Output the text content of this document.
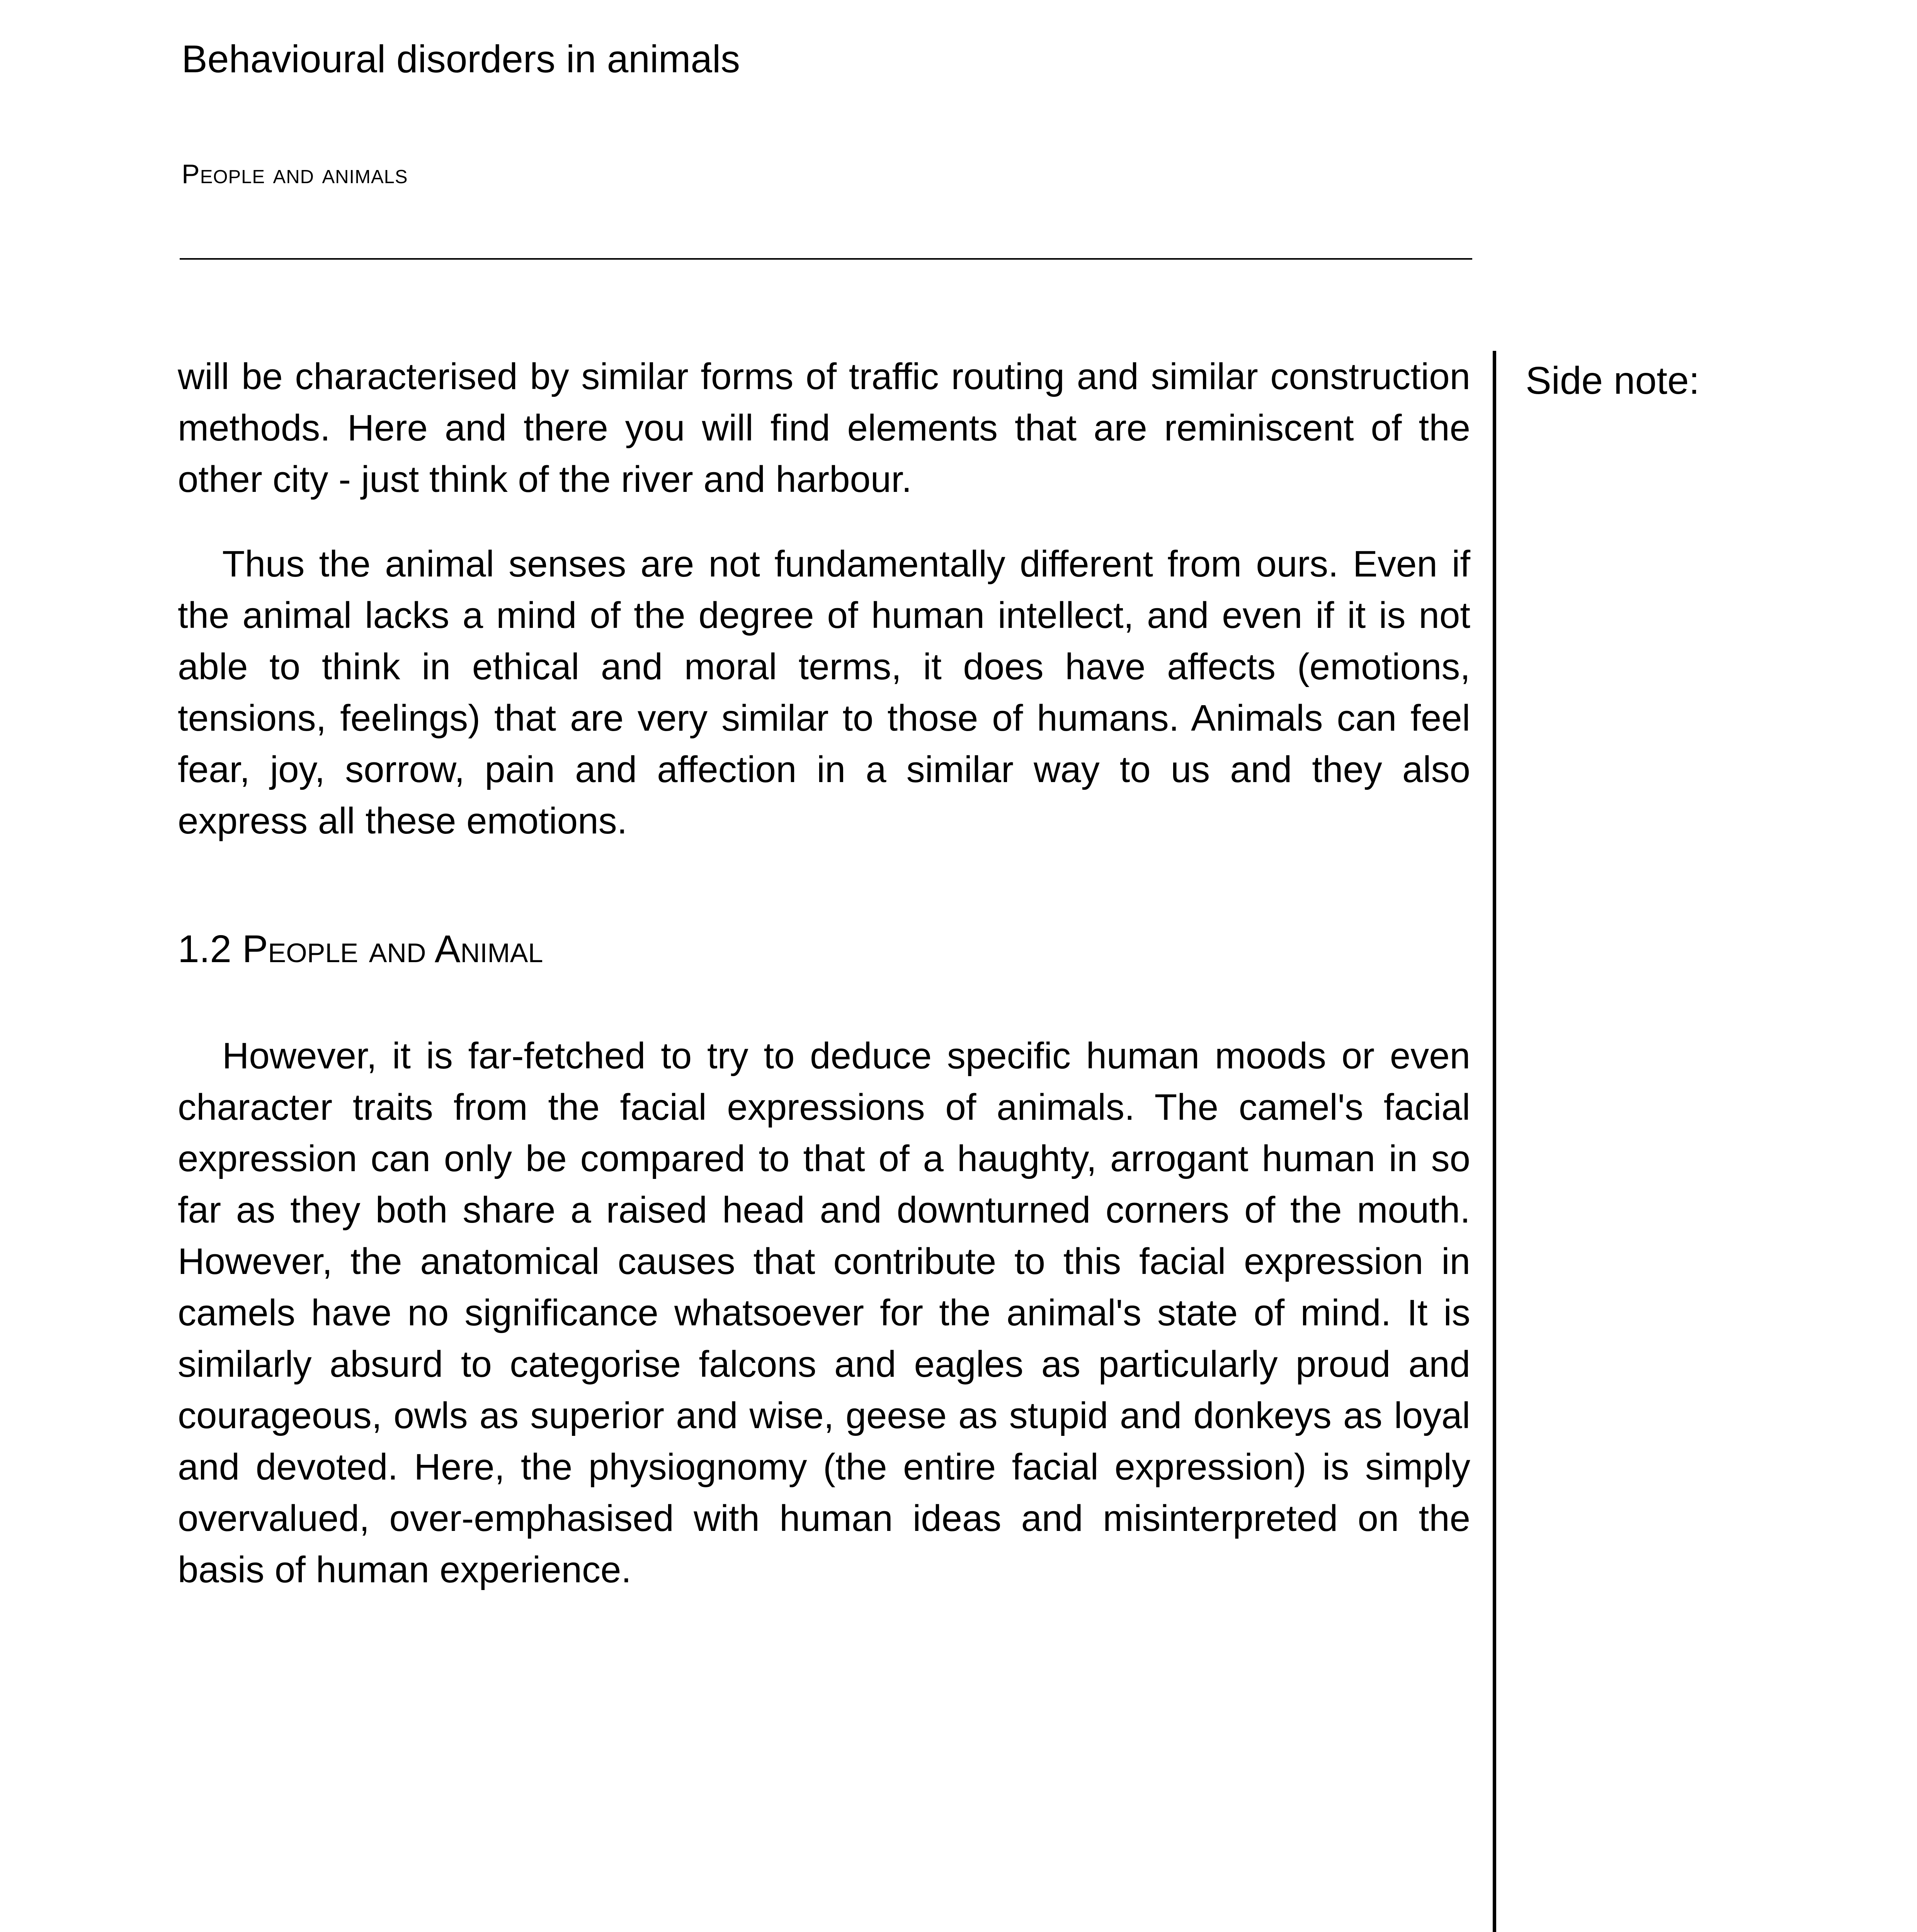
Behavioural disorders in animals
People and animals

will be characterised by similar forms of traffic routing and similar construction methods. Here and there you will find elements that are reminiscent of the other city - just think of the river and harbour.

Thus the animal senses are not fundamentally different from ours. Even if the animal lacks a mind of the degree of human intellect, and even if it is not able to think in ethical and moral terms, it does have affects (emotions, tensions, feelings) that are very similar to those of humans. Animals can feel fear, joy, sorrow, pain and affection in a similar way to us and they also express all these emotions.

1.2 People and Animal

However, it is far-fetched to try to deduce specific human moods or even character traits from the facial expressions of animals. The camel's facial expression can only be compared to that of a haughty, arrogant human in so far as they both share a raised head and downturned corners of the mouth. However, the anatomical causes that contribute to this facial expression in camels have no significance whatsoever for the animal's state of mind. It is similarly absurd to categorise falcons and eagles as particularly proud and courageous, owls as superior and wise, geese as stupid and donkeys as loyal and devoted. Here, the physiognomy (the entire facial expression) is simply overvalued, over-emphasised with human ideas and misinterpreted on the basis of human experience.

Side note:
